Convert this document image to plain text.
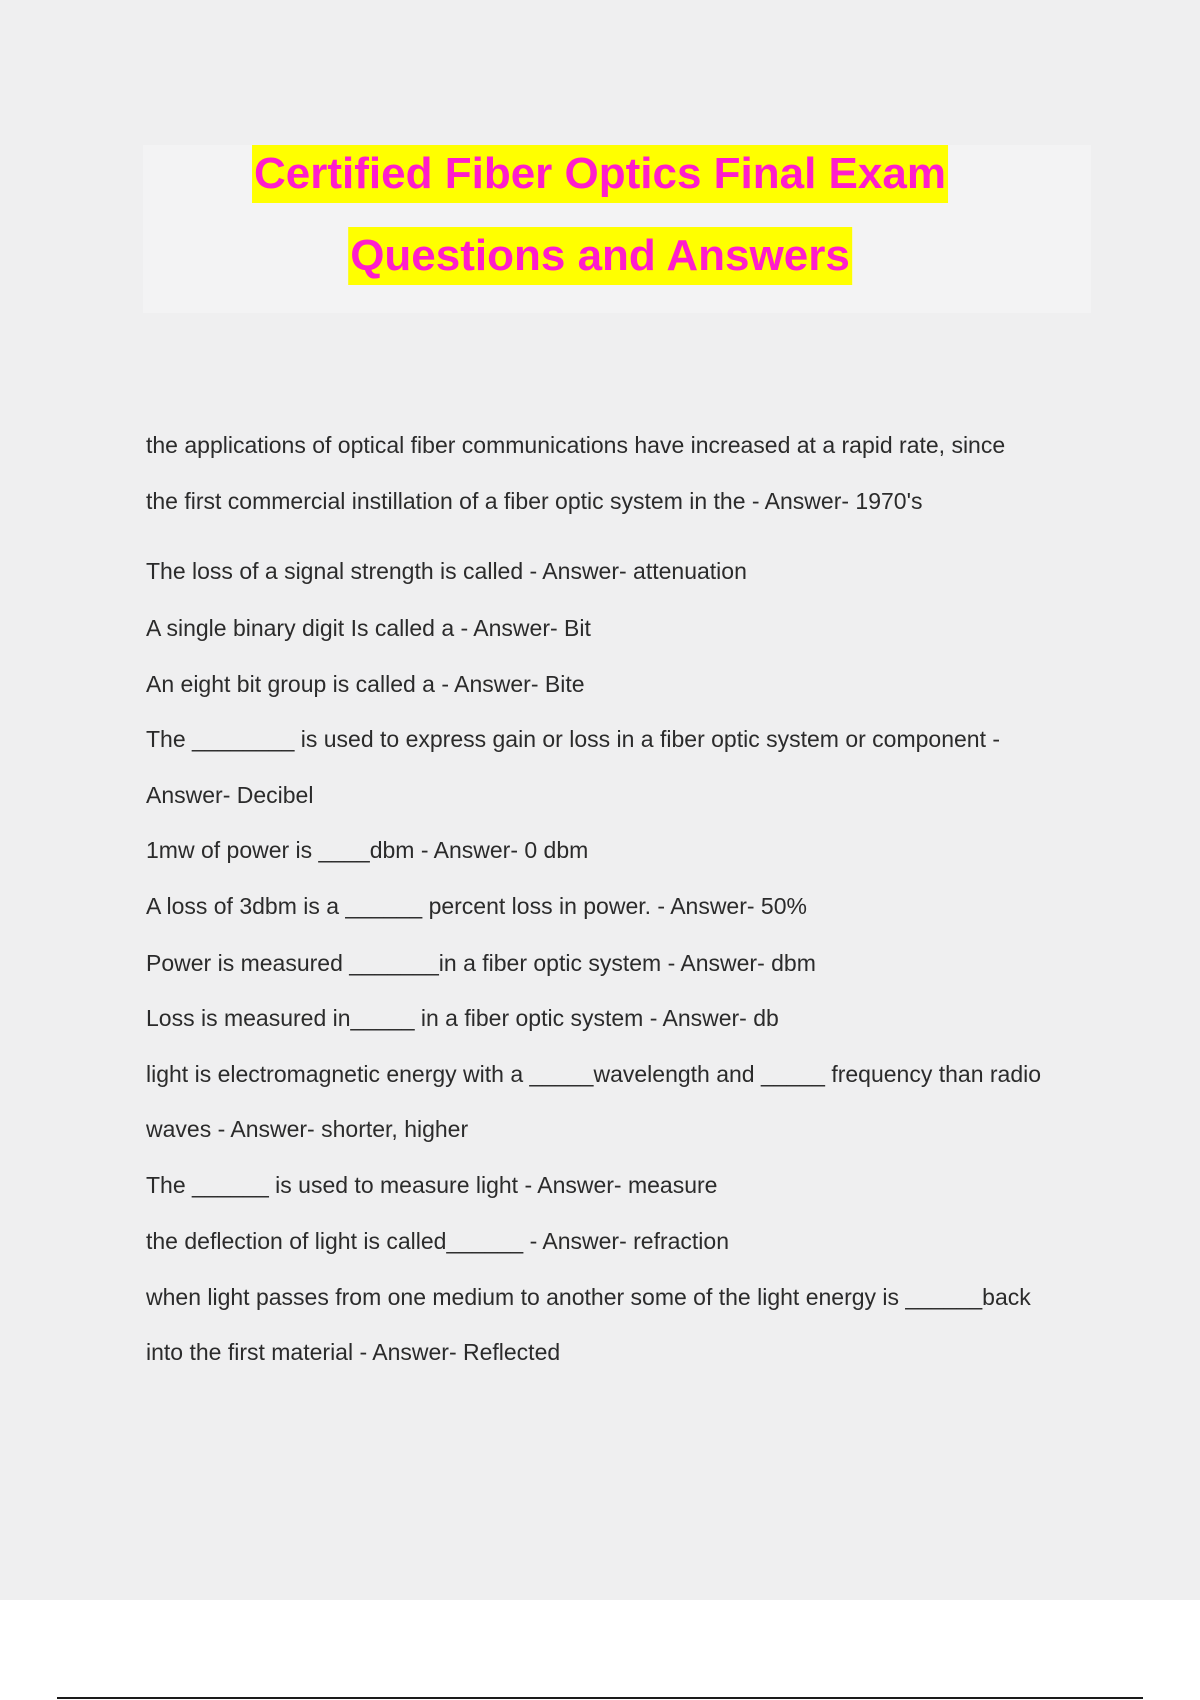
Certified Fiber Optics Final Exam
Questions and Answers
the applications of optical fiber communications have increased at a rapid rate, since
the first commercial instillation of a fiber optic system in the - Answer- 1970's
The loss of a signal strength is called - Answer- attenuation
A single binary digit Is called a - Answer- Bit
An eight bit group is called a - Answer- Bite
The ________ is used to express gain or loss in a fiber optic system or component -
Answer- Decibel
1mw of power is ____dbm - Answer- 0 dbm
A loss of 3dbm is a ______ percent loss in power. - Answer- 50%
Power is measured _______in a fiber optic system - Answer- dbm
Loss is measured in_____ in a fiber optic system - Answer- db
light is electromagnetic energy with a _____wavelength and _____ frequency than radio
waves - Answer- shorter, higher
The ______ is used to measure light - Answer- measure
the deflection of light is called______ - Answer- refraction
when light passes from one medium to another some of the light energy is ______back
into the first material - Answer- Reflected
